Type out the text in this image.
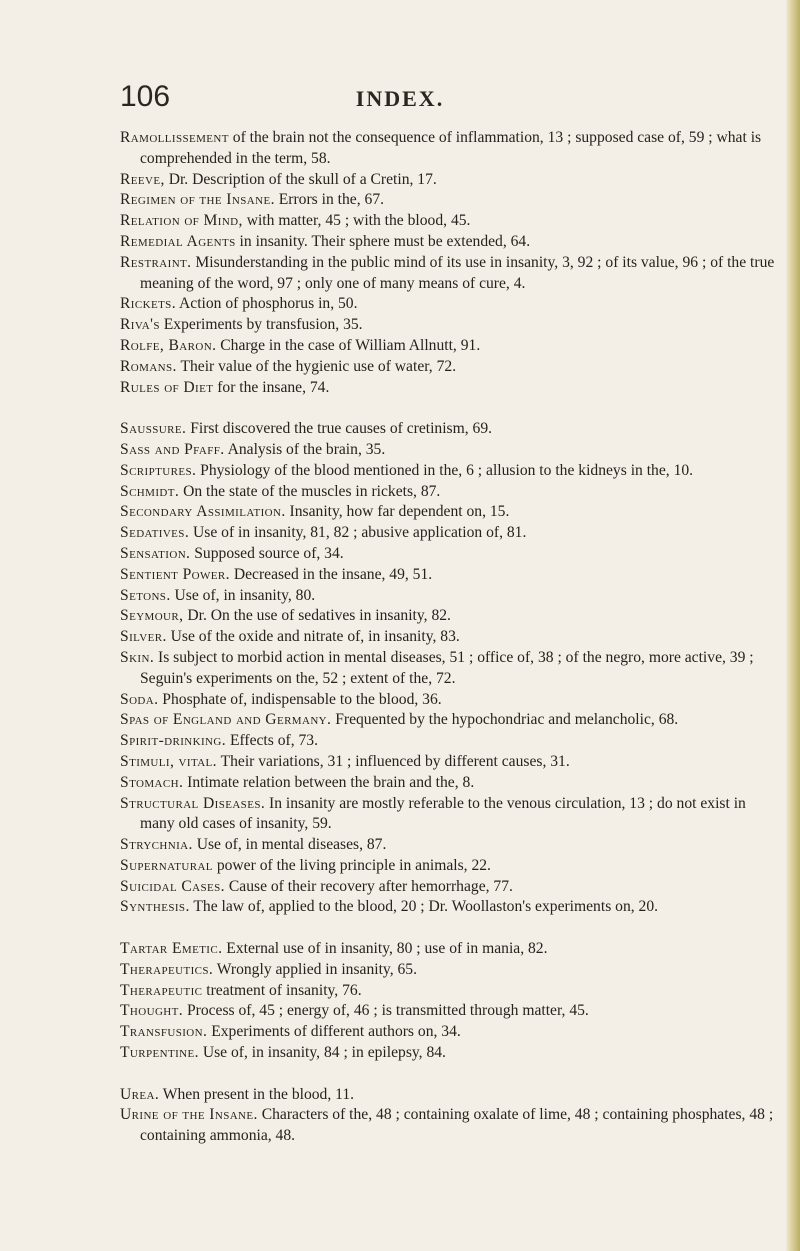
106	INDEX.

Ramollissement of the brain not the consequence of inflammation, 13 ; supposed case of, 59 ; what is comprehended in the term, 58.

Reeve, Dr. Description of the skull of a Cretin, 17.

Regimen of the Insane. Errors in the, 67.

Relation of Mind, with matter, 45 ; with the blood, 45.

Remedial Agents in insanity. Their sphere must be extended, 64.

Restraint. Misunderstanding in the public mind of its use in insanity, 3, 92 ; of its value, 96 ; of the true meaning of the word, 97 ; only one of many means of cure, 4.

Rickets. Action of phosphorus in, 50.

Riva's Experiments by transfusion, 35.

Rolfe, Baron. Charge in the case of William Allnutt, 91.

Romans. Their value of the hygienic use of water, 72.

Rules of Diet for the insane, 74.

Saussure. First discovered the true causes of cretinism, 69.

Sass and Pfaff. Analysis of the brain, 35.

Scriptures. Physiology of the blood mentioned in the, 6 ; allusion to the kidneys in the, 10.

Schmidt. On the state of the muscles in rickets, 87.

Secondary Assimilation. Insanity, how far dependent on, 15.

Sedatives. Use of in insanity, 81, 82 ; abusive application of, 81.

Sensation. Supposed source of, 34.

Sentient Power. Decreased in the insane, 49, 51.

Setons. Use of, in insanity, 80.

Seymour, Dr. On the use of sedatives in insanity, 82.

Silver. Use of the oxide and nitrate of, in insanity, 83.

Skin. Is subject to morbid action in mental diseases, 51 ; office of, 38 ; of the negro, more active, 39 ; Seguin's experiments on the, 52 ; extent of the, 72.

Soda. Phosphate of, indispensable to the blood, 36.

Spas of England and Germany. Frequented by the hypochondriac and melancholic, 68.

Spirit-drinking. Effects of, 73.

Stimuli, vital. Their variations, 31 ; influenced by different causes, 31.

Stomach. Intimate relation between the brain and the, 8.

Structural Diseases. In insanity are mostly referable to the venous circulation, 13 ; do not exist in many old cases of insanity, 59.

Strychnia. Use of, in mental diseases, 87.

Supernatural power of the living principle in animals, 22.

Suicidal Cases. Cause of their recovery after hemorrhage, 77.

Synthesis. The law of, applied to the blood, 20 ; Dr. Woollaston's experiments on, 20.

Tartar Emetic. External use of in insanity, 80 ; use of in mania, 82.

Therapeutics. Wrongly applied in insanity, 65.

Therapeutic treatment of insanity, 76.

Thought. Process of, 45 ; energy of, 46 ; is transmitted through matter, 45.

Transfusion. Experiments of different authors on, 34.

Turpentine. Use of, in insanity, 84 ; in epilepsy, 84.

Urea. When present in the blood, 11.

Urine of the Insane. Characters of the, 48 ; containing oxalate of lime, 48 ; containing phosphates, 48 ; containing ammonia, 48.
